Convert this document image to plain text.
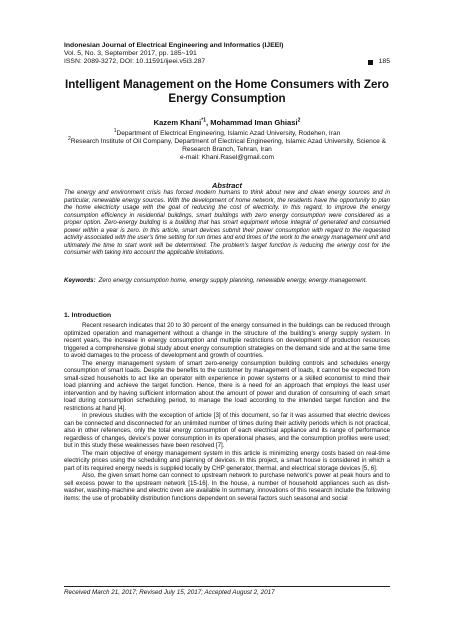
Indonesian Journal of Electrical Engineering and Informatics (IJEEI)
Vol. 5, No. 3, September 2017, pp. 185~191
ISSN: 2089-3272, DOI: 10.11591/ijeei.v5i3.287	185
Intelligent Management on the Home Consumers with Zero Energy Consumption
Kazem Khani$^{*1}$, Mohammad Iman Ghiasi$^2$
$^1$Department of Electrical Engineering, Islamic Azad University, Rodehen, Iran
$^2$Research Institute of Oil Company, Department of Electrical Engineering, Islamic Azad University, Science & Research Branch, Tehran, Iran
e-mail: Khani.Rasel@gmail.com
Abstract
The energy and environment crisis has forced modern humans to think about new and clean energy sources and in particular, renewable energy sources. With the development of home network, the residents have the opportunity to plan the home electricity usage with the goal of reducing the cost of electricity. In this regard, to improve the energy consumption efficiency in residential buildings, smart buildings with zero energy consumption were considered as a proper option. Zero-energy building is a building that has smart equipment whose integral of generated and consumed power within a year is zero. In this article, smart devices submit their power consumption with regard to the requested activity associated with the user's time setting for run times and end times of the work to the energy management unit and ultimately the time to start work will be determined. The problem's target function is reducing the energy cost for the consumer with taking into account the applicable limitations.
Keywords: Zero energy consumption home, energy supply planning, renewable energy, energy management.
1. Introduction

Recent research indicates that 20 to 30 percent of the energy consumed in the buildings can be reduced through optimized operation and management without a change in the structure of the building's energy supply system. In recent years, the increase in energy consumption and multiple restrictions on development of production resources triggered a comprehensive global study about energy consumption strategies on the demand side and at the same time to avoid damages to the process of development and growth of countries.

The energy management system of smart zero-energy consumption building controls and schedules energy consumption of smart loads. Despite the benefits to the customer by management of loads, it cannot be expected from small-sized households to act like an operator with experience in power systems or a skilled economist to mind their load planning and achieve the target function. Hence, there is a need for an approach that employs the least user intervention and by having sufficient information about the amount of power and duration of consuming of each smart load during consumption scheduling period, to manage the load according to the intended target function and the restrictions at hand [4].

In previous studies with the exception of article [3] of this document, so far it was assumed that electric devices can be connected and disconnected for an unlimited number of times during their activity periods which is not practical, also in other references, only the total energy consumption of each electrical appliance and its range of performance regardless of changes, device's power consumption in its operational phases, and the consumption profiles were used; but in this study these weaknesses have been resolved [7].

The main objective of energy management system in this article is minimizing energy costs based on real-time electricity prices using the scheduling and planning of devices. In this project, a smart house is considered in which a part of its required energy needs is supplied locally by CHP generator, thermal, and electrical storage devices [5, 6].

Also, the given smart home can connect to upstream network to purchase network's power at peak hours and to sell excess power to the upstream network [15-16]. In the house, a number of household appliances such as dish-washer, washing-machine and electric oven are available In summary, innovations of this research include the following items: the use of probability distribution functions dependent on several factors such seasonal and social

Received March 21, 2017; Revised July 15, 2017; Accepted August 2, 2017
